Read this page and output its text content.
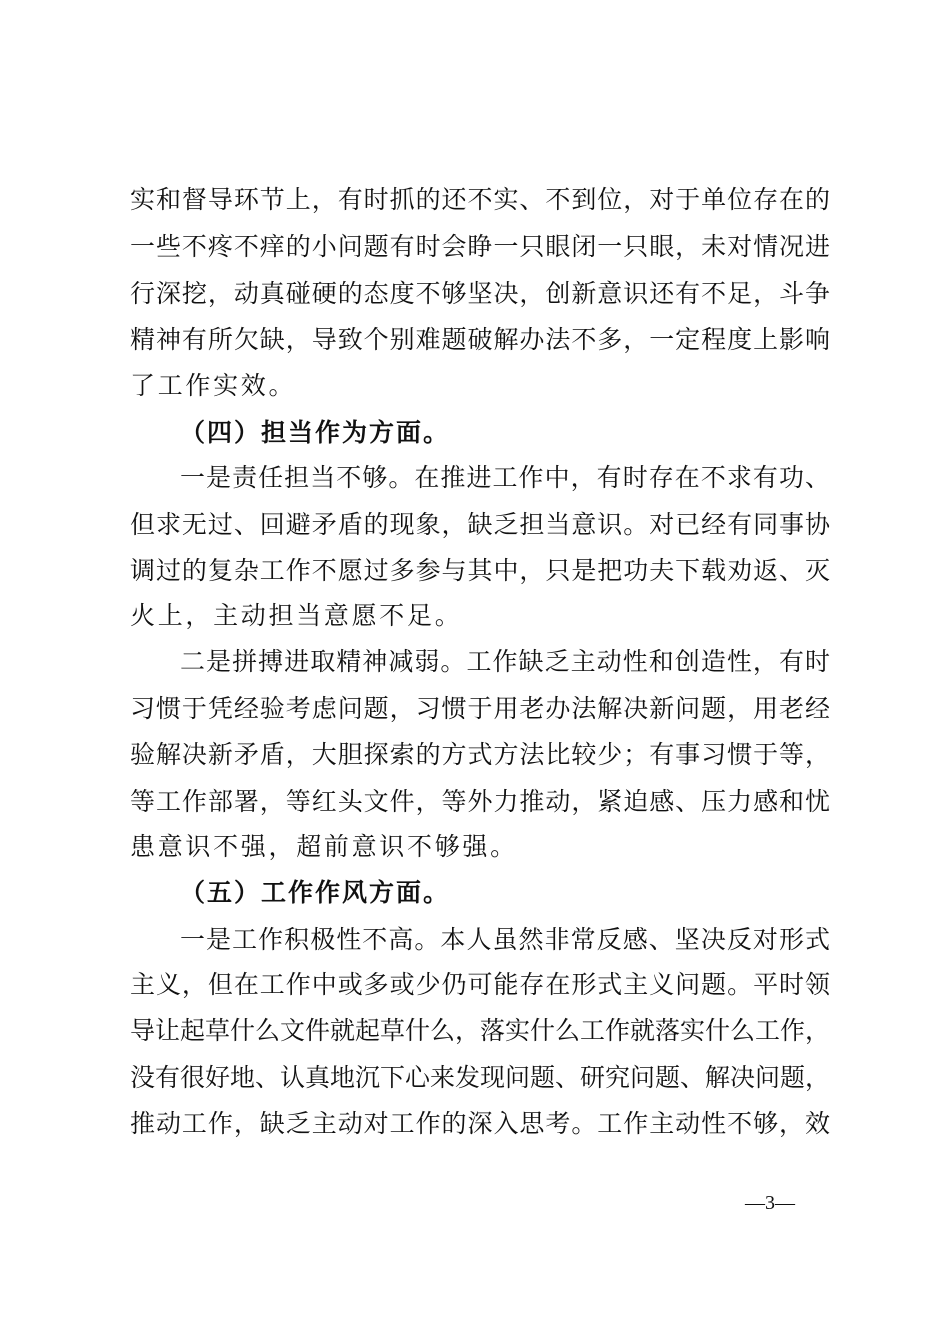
实和督导环节上，有时抓的还不实、不到位，对于单位存在的
一些不疼不痒的小问题有时会睁一只眼闭一只眼，未对情况进
行深挖，动真碰硬的态度不够坚决，创新意识还有不足，斗争
精神有所欠缺，导致个别难题破解办法不多，一定程度上影响
了工作实效。
（四）担当作为方面。
一是责任担当不够。在推进工作中，有时存在不求有功、
但求无过、回避矛盾的现象，缺乏担当意识。对已经有同事协
调过的复杂工作不愿过多参与其中，只是把功夫下载劝返、灭
火上，主动担当意愿不足。
二是拼搏进取精神减弱。工作缺乏主动性和创造性，有时
习惯于凭经验考虑问题，习惯于用老办法解决新问题，用老经
验解决新矛盾，大胆探索的方式方法比较少；有事习惯于等，
等工作部署，等红头文件，等外力推动，紧迫感、压力感和忧
患意识不强，超前意识不够强。
（五）工作作风方面。
一是工作积极性不高。本人虽然非常反感、坚决反对形式
主义，但在工作中或多或少仍可能存在形式主义问题。平时领
导让起草什么文件就起草什么，落实什么工作就落实什么工作，
没有很好地、认真地沉下心来发现问题、研究问题、解决问题，
推动工作，缺乏主动对工作的深入思考。工作主动性不够，效
—3—
